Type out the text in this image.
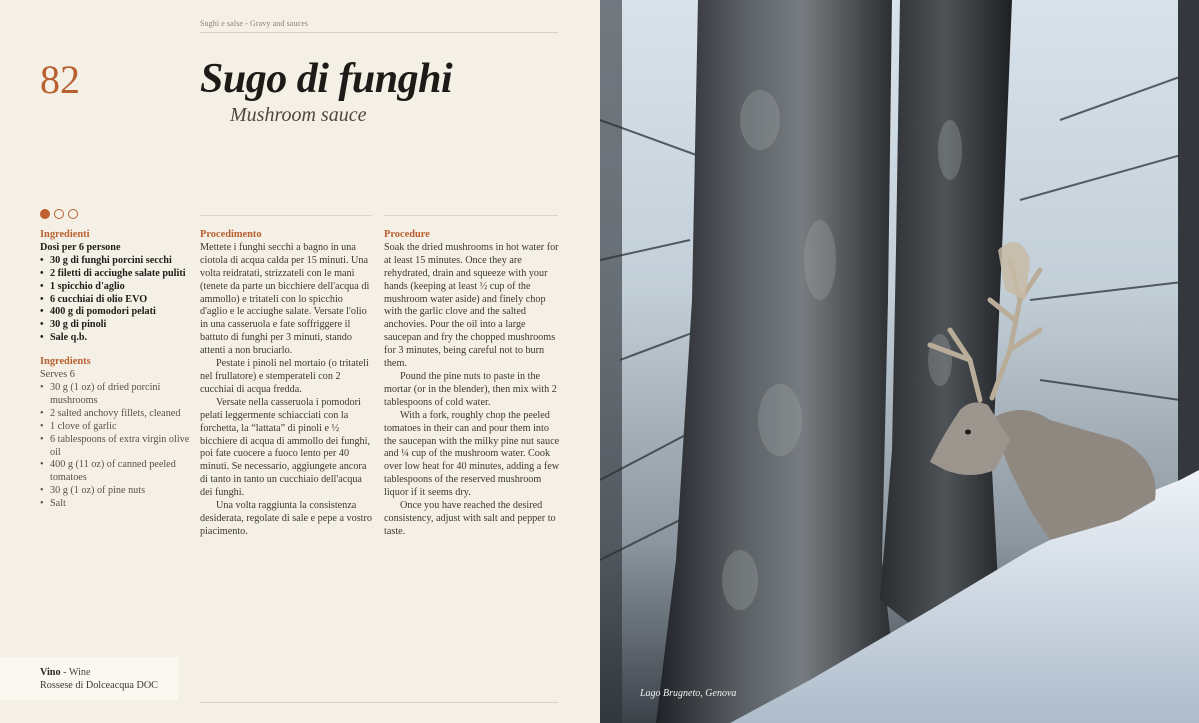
Sughi e salse - Gravy and sauces
82	Sugo di funghi
Mushroom sauce
Ingredienti
Dosi per 6 persone
• 30 g di funghi porcini secchi
• 2 filetti di acciughe salate puliti
• 1 spicchio d'aglio
• 6 cucchiai di olio EVO
• 400 g di pomodori pelati
• 30 g di pinoli
• Sale q.b.
Ingredients
Serves 6
• 30 g (1 oz) of dried porcini mushrooms
• 2 salted anchovy fillets, cleaned
• 1 clove of garlic
• 6 tablespoons of extra virgin olive oil
• 400 g (11 oz) of canned peeled tomatoes
• 30 g (1 oz) of pine nuts
• Salt
Procedimento

Mettete i funghi secchi a bagno in una ciotola di acqua calda per 15 minuti. Una volta reidratati, strizzateli con le mani (tenete da parte un bicchiere dell'acqua di ammollo) e tritateli con lo spicchio d'aglio e le acciughe salate. Versate l'olio in una casseruola e fate soffriggere il battuto di funghi per 3 minuti, stando attenti a non bruciarlo.

Pestate i pinoli nel mortaio (o tritateli nel frullatore) e stemperateli con 2 cucchiai di acqua fredda.

Versate nella casseruola i pomodori pelati leggermente schiacciati con la forchetta, la “lattata” di pinoli e ½ bicchiere di acqua di ammollo dei funghi, poi fate cuocere a fuoco lento per 40 minuti. Se necessario, aggiungete ancora di tanto in tanto un cucchiaio dell'acqua dei funghi.

Una volta raggiunta la consistenza desiderata, regolate di sale e pepe a vostro piacimento.

Procedure

Soak the dried mushrooms in hot water for at least 15 minutes. Once they are rehydrated, drain and squeeze with your hands (keeping at least ½ cup of the mushroom water aside) and finely chop with the garlic clove and the salted anchovies. Pour the oil into a large saucepan and fry the chopped mushrooms for 3 minutes, being careful not to burn them.

Pound the pine nuts to paste in the mortar (or in the blender), then mix with 2 tablespoons of cold water.

With a fork, roughly chop the peeled tomatoes in their can and pour them into the saucepan with the milky pine nut sauce and ¼ cup of the mushroom water. Cook over low heat for 40 minutes, adding a few tablespoons of the reserved mushroom liquor if it seems dry.

Once you have reached the desired consistency, adjust with salt and pepper to taste.

Vino - Wine
Rossese di Dolceacqua DOC
Lago Brugneto, Genova
